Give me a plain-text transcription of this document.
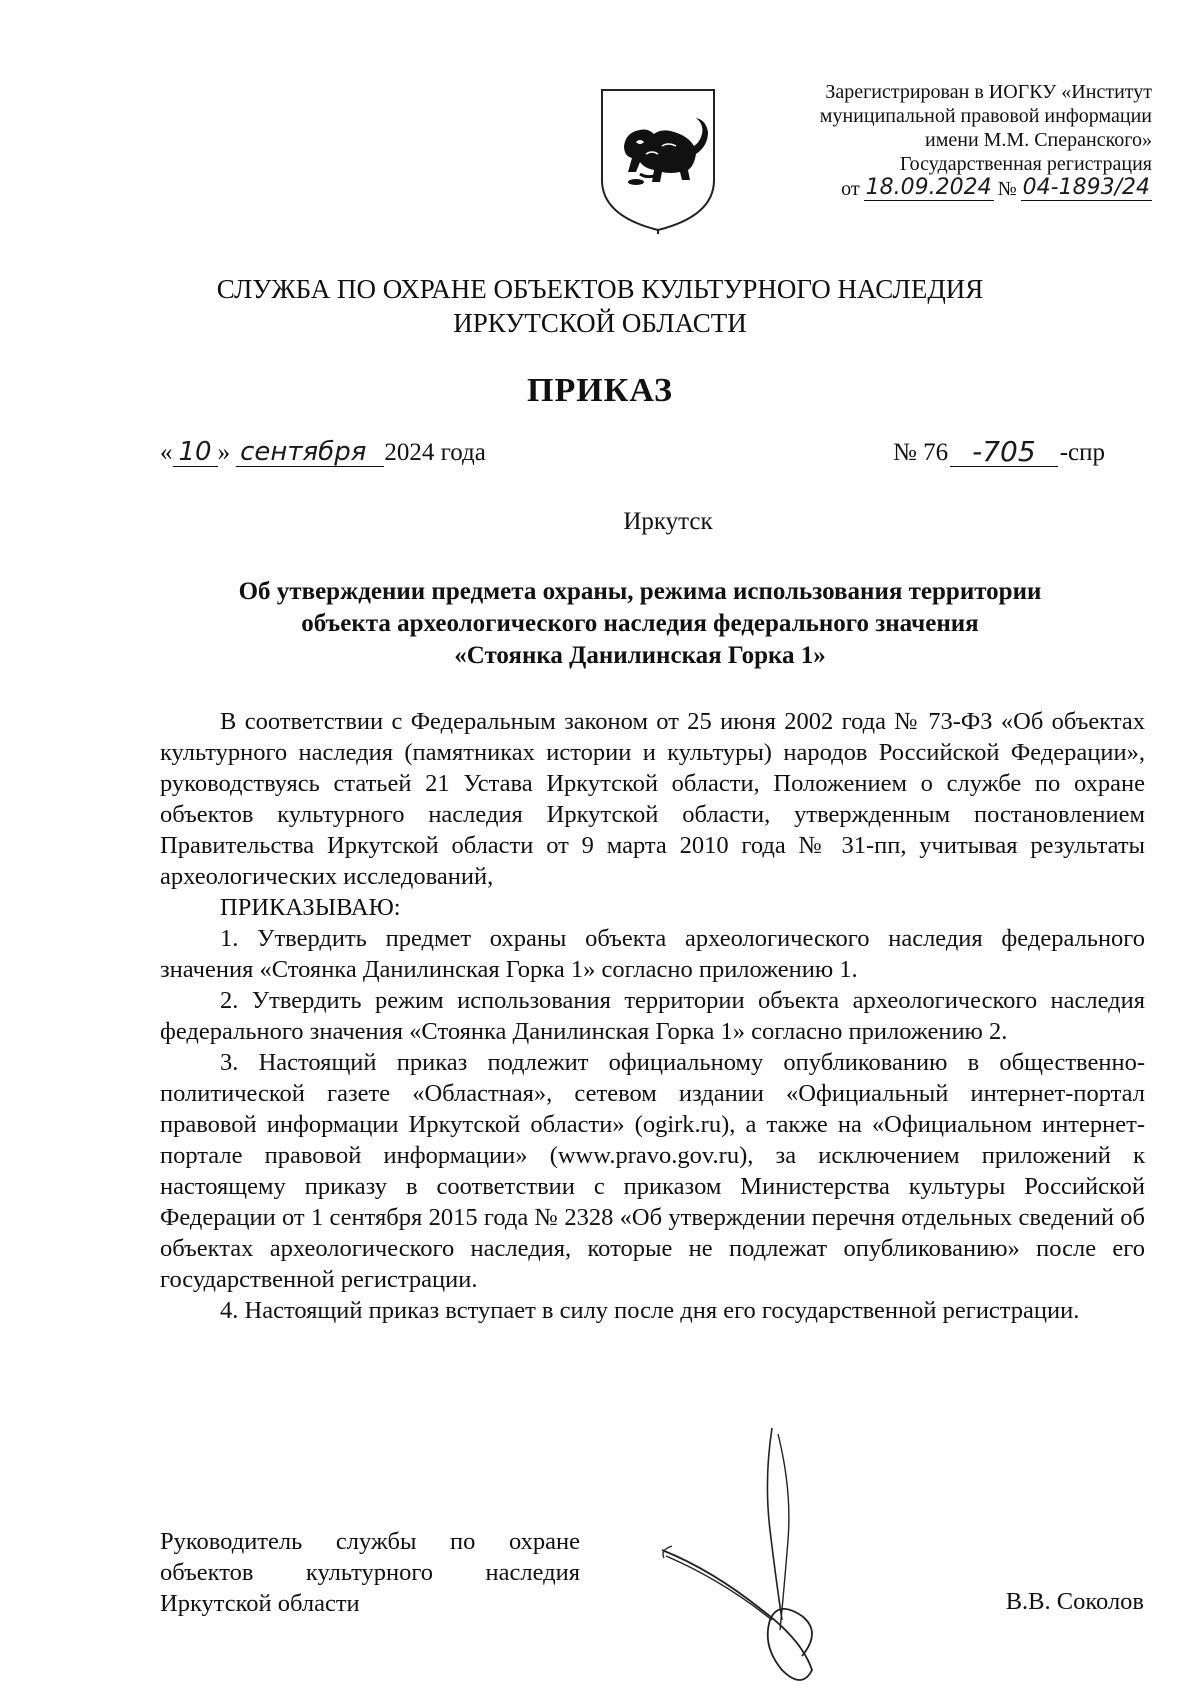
Зарегистрирован в ИОГКУ «Институт
муниципальной правовой информации
имени М.М. Сперанского»
Государственная регистрация
от 18.09.2024 № 04-1893/24
СЛУЖБА ПО ОХРАНЕ ОБЪЕКТОВ КУЛЬТУРНОГО НАСЛЕДИЯ
ИРКУТСКОЙ ОБЛАСТИ
ПРИКАЗ
« 10 » сентября 2024 года	№ 76 -705 -спр
Иркутск
Об утверждении предмета охраны, режима использования территории
объекта археологического наследия федерального значения
«Стоянка Данилинская Горка 1»

В соответствии с Федеральным законом от 25 июня 2002 года № 73-ФЗ «Об объектах культурного наследия (памятниках истории и культуры) народов Российской Федерации», руководствуясь статьей 21 Устава Иркутской области, Положением о службе по охране объектов культурного наследия Иркутской области, утвержденным постановлением Правительства Иркутской области от 9 марта 2010 года № 31-пп, учитывая результаты археологических исследований,

ПРИКАЗЫВАЮ:

1. Утвердить предмет охраны объекта археологического наследия федерального значения «Стоянка Данилинская Горка 1» согласно приложению 1.

2. Утвердить режим использования территории объекта археологического наследия федерального значения «Стоянка Данилинская Горка 1» согласно приложению 2.

3. Настоящий приказ подлежит официальному опубликованию в общественно-политической газете «Областная», сетевом издании «Официальный интернет-портал правовой информации Иркутской области» (ogirk.ru), а также на «Официальном интернет-портале правовой информации» (www.pravo.gov.ru), за исключением приложений к настоящему приказу в соответствии с приказом Министерства культуры Российской Федерации от 1 сентября 2015 года № 2328 «Об утверждении перечня отдельных сведений об объектах археологического наследия, которые не подлежат опубликованию» после его государственной регистрации.

4. Настоящий приказ вступает в силу после дня его государственной регистрации.

Руководитель службы по охране
объектов культурного наследия
Иркутской области	В.В. Соколов
